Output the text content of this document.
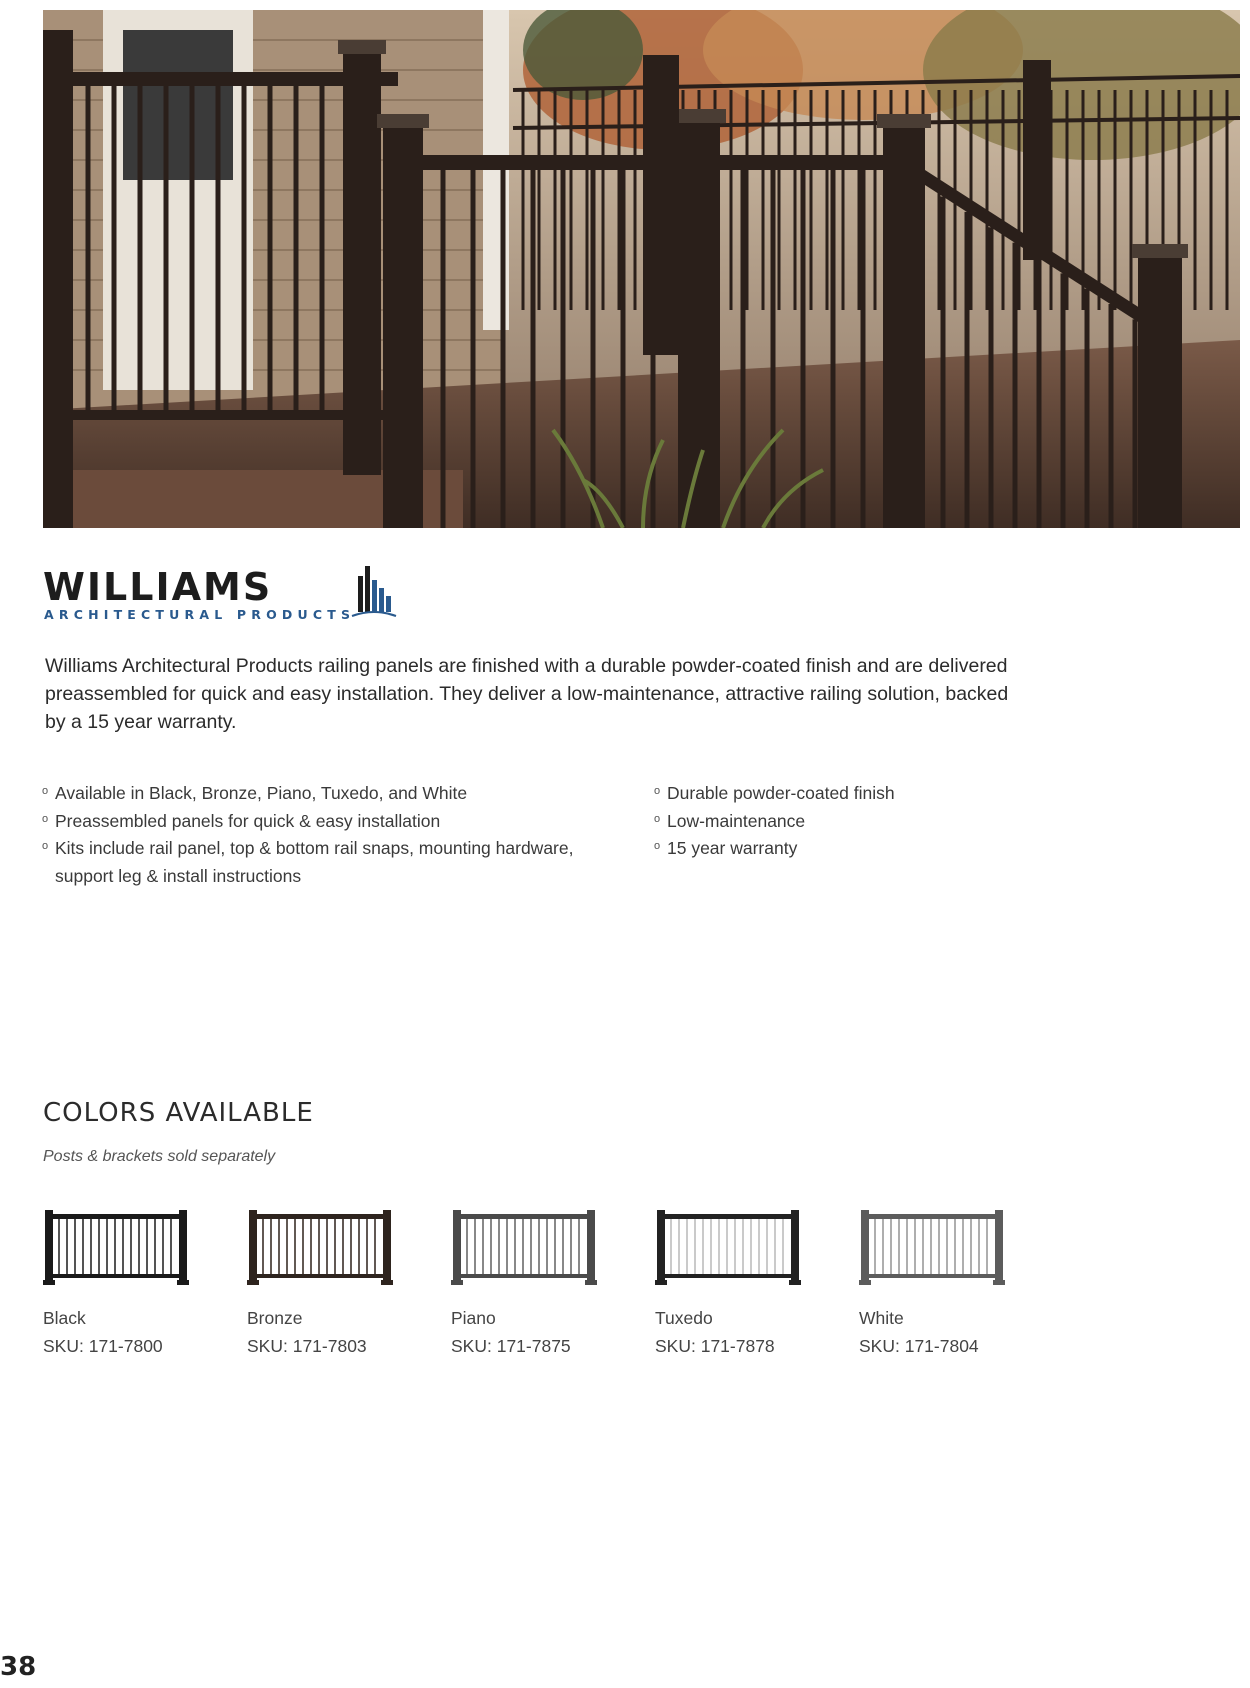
WILLIAMS
ARCHITECTURAL PRODUCTS

Williams Architectural Products railing panels are finished with a durable powder-coated finish and are delivered preassembled for quick and easy installation. They deliver a low-maintenance, attractive railing solution, backed by a 15 year warranty.

o Available in Black, Bronze, Piano, Tuxedo, and White
o Preassembled panels for quick & easy installation
o Kits include rail panel, top & bottom rail snaps, mounting hardware, support leg & install instructions
o Durable powder-coated finish
o Low-maintenance
o 15 year warranty
COLORS AVAILABLE
Posts & brackets sold separately
Black
SKU: 171-7800
Bronze
SKU: 171-7803
Piano
SKU: 171-7875
Tuxedo
SKU: 171-7878
White
SKU: 171-7804
38
